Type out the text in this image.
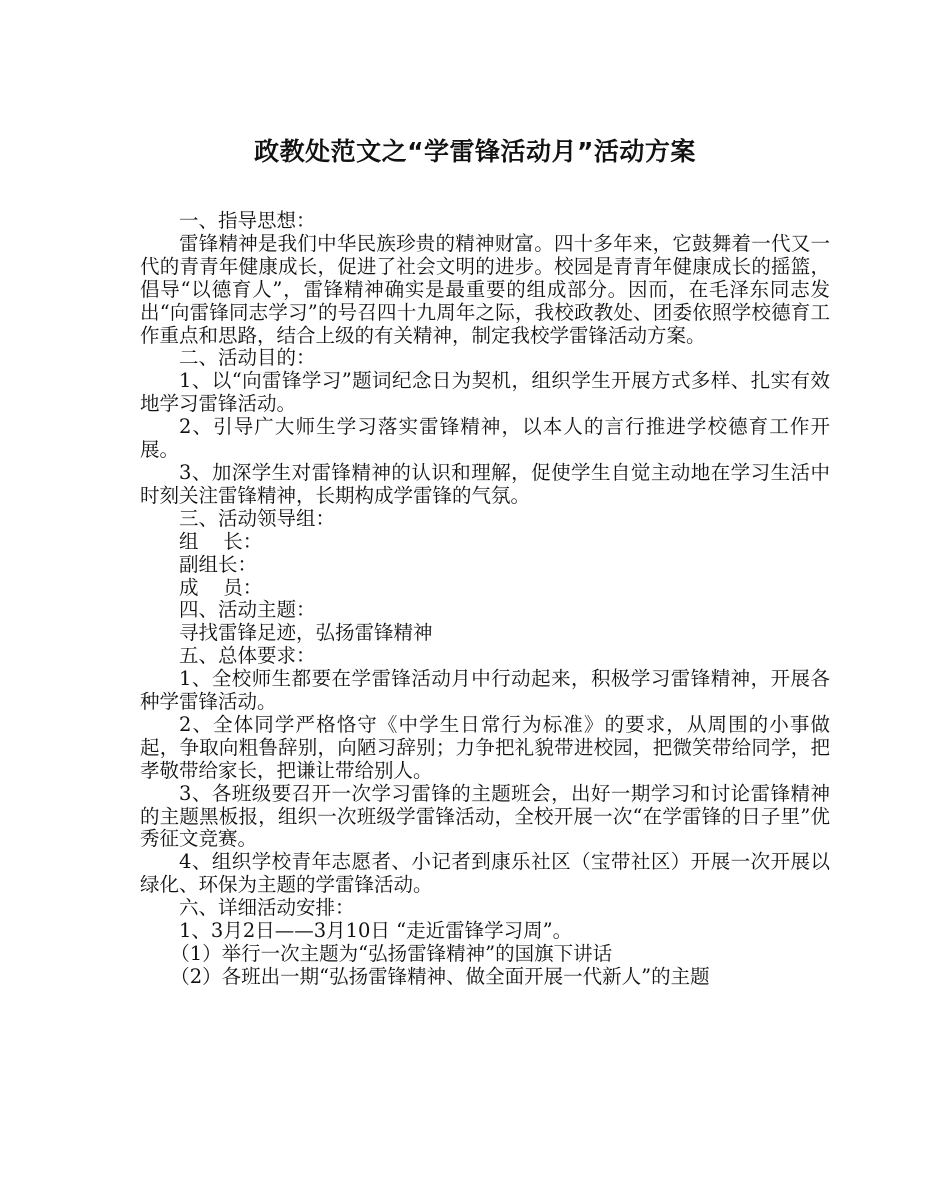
政教处范文之“学雷锋活动月”活动方案

一、指导思想：

雷锋精神是我们中华民族珍贵的精神财富。四十多年来，它鼓舞着一代又一代的青青年健康成长，促进了社会文明的进步。校园是青青年健康成长的摇篮，倡导“以德育人”，雷锋精神确实是最重要的组成部分。因而，在毛泽东同志发出“向雷锋同志学习”的号召四十九周年之际，我校政教处、团委依照学校德育工作重点和思路，结合上级的有关精神，制定我校学雷锋活动方案。

二、活动目的：

1、以“向雷锋学习”题词纪念日为契机，组织学生开展方式多样、扎实有效地学习雷锋活动。

2、引导广大师生学习落实雷锋精神，以本人的言行推进学校德育工作开展。

3、加深学生对雷锋精神的认识和理解，促使学生自觉主动地在学习生活中时刻关注雷锋精神，长期构成学雷锋的气氛。

三、活动领导组：

组    长：

副组长：

成    员：

四、活动主题：

寻找雷锋足迹，弘扬雷锋精神

五、总体要求：

1、全校师生都要在学雷锋活动月中行动起来，积极学习雷锋精神，开展各种学雷锋活动。

2、全体同学严格恪守《中学生日常行为标准》的要求，从周围的小事做起，争取向粗鲁辞别，向陋习辞别；力争把礼貌带进校园，把微笑带给同学，把孝敬带给家长，把谦让带给别人。

3、各班级要召开一次学习雷锋的主题班会，出好一期学习和讨论雷锋精神的主题黑板报，组织一次班级学雷锋活动，全校开展一次“在学雷锋的日子里”优秀征文竞赛。

4、组织学校青年志愿者、小记者到康乐社区（宝带社区）开展一次开展以绿化、环保为主题的学雷锋活动。

六、详细活动安排：

1、3月2日——3月10日 “走近雷锋学习周”。

（1）举行一次主题为“弘扬雷锋精神”的国旗下讲话

（2）各班出一期“弘扬雷锋精神、做全面开展一代新人”的主题
